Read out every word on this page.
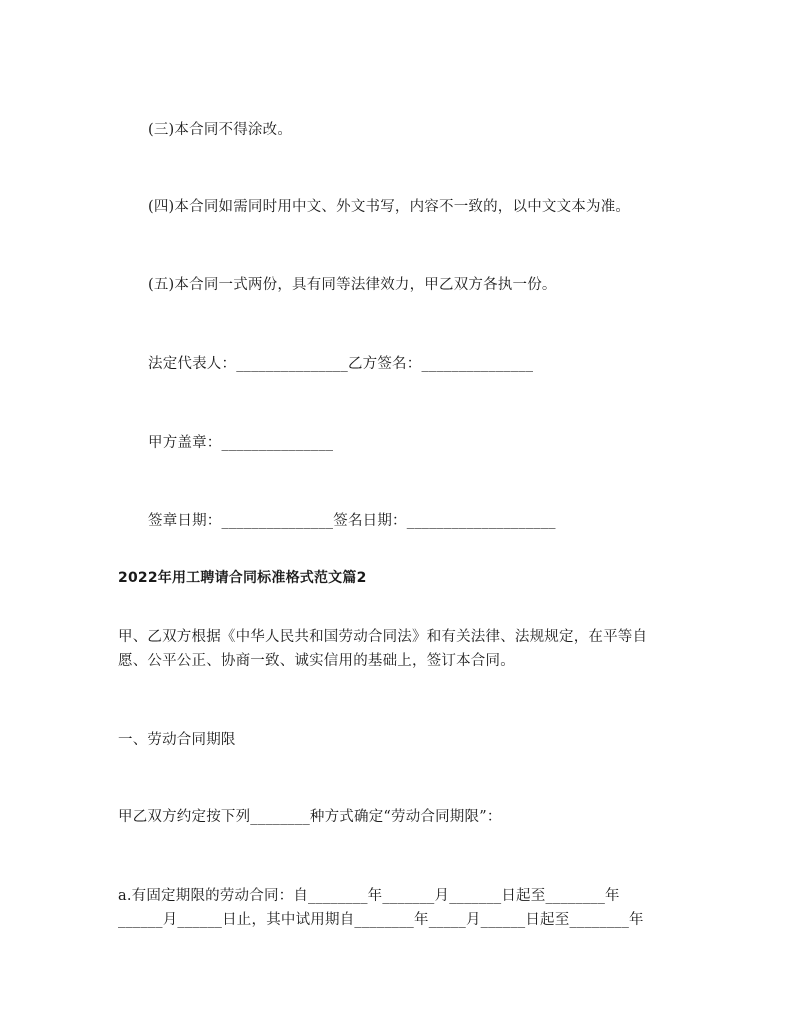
(三)本合同不得涂改。
(四)本合同如需同时用中文、外文书写，内容不一致的，以中文文本为准。
(五)本合同一式两份，具有同等法律效力，甲乙双方各执一份。
法定代表人：_______________乙方签名：_______________
甲方盖章：_______________
签章日期：_______________签名日期：____________________
2022年用工聘请合同标准格式范文篇2
甲、乙双方根据《中华人民共和国劳动合同法》和有关法律、法规规定，在平等自
愿、公平公正、协商一致、诚实信用的基础上，签订本合同。
一、劳动合同期限
甲乙双方约定按下列________种方式确定“劳动合同期限”：
a.有固定期限的劳动合同：自________年_______月_______日起至________年
______月______日止，其中试用期自________年_____月______日起至________年
